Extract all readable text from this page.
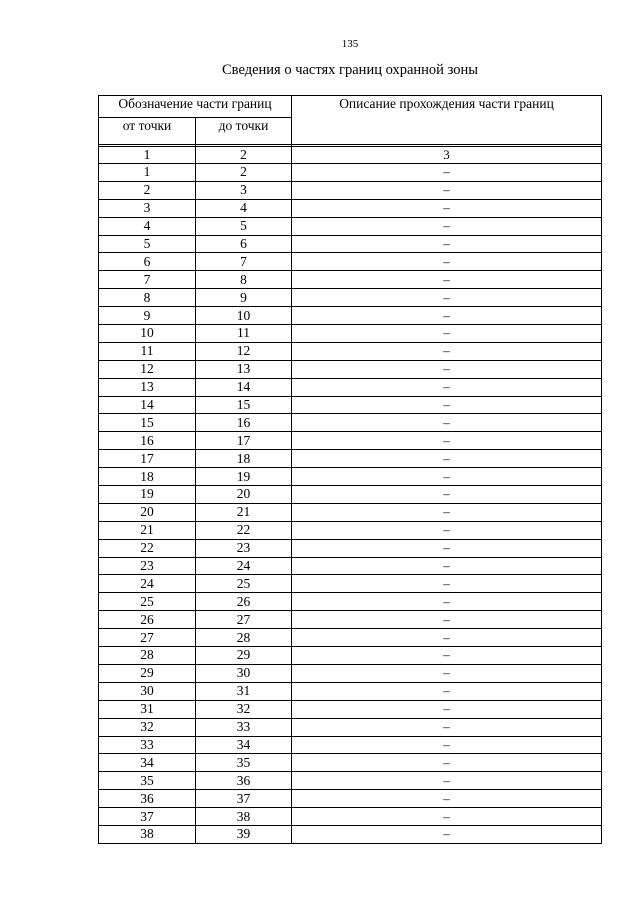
135
Сведения о частях границ охранной зоны
Обозначение части границ		Описание прохождения части границ
от точки	до точки	

1	2	3
1	2	–
2	3	–
3	4	–
4	5	–
5	6	–
6	7	–
7	8	–
8	9	–
9	10	–
10	11	–
11	12	–
12	13	–
13	14	–
14	15	–
15	16	–
16	17	–
17	18	–
18	19	–
19	20	–
20	21	–
21	22	–
22	23	–
23	24	–
24	25	–
25	26	–
26	27	–
27	28	–
28	29	–
29	30	–
30	31	–
31	32	–
32	33	–
33	34	–
34	35	–
35	36	–
36	37	–
37	38	–
38	39	–
